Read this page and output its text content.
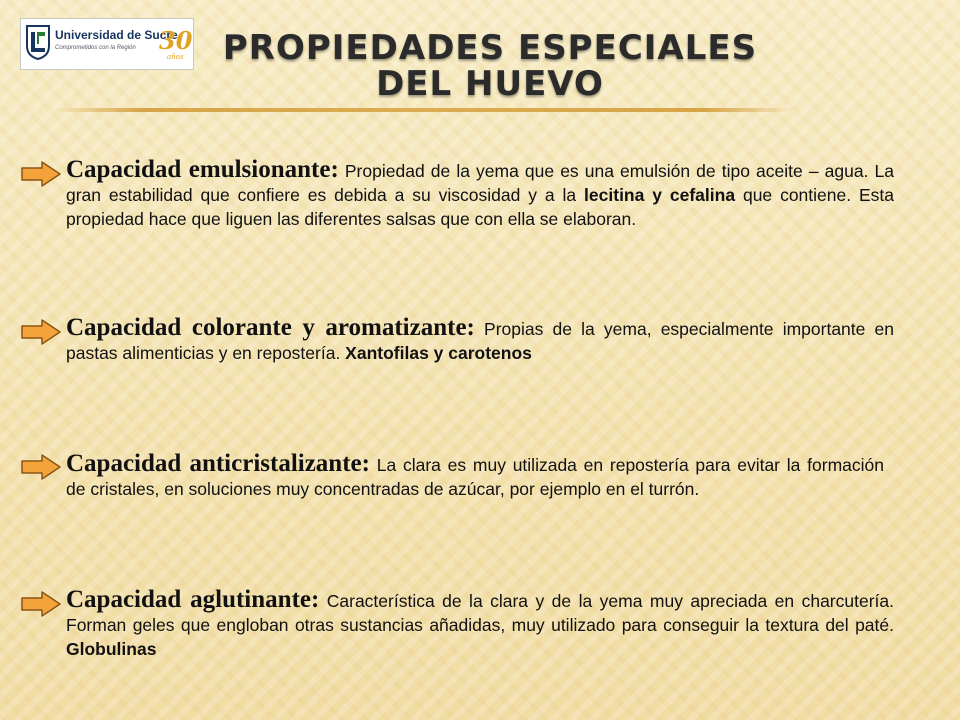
Universidad de Sucre
Comprometidos con la Región 30
años	PROPIEDADES ESPECIALES
DEL HUEVO
Capacidad emulsionante: Propiedad de la yema que es una emulsión de tipo aceite – agua. La gran estabilidad que confiere es debida a su viscosidad y a la lecitina y cefalina que contiene. Esta propiedad hace que liguen las diferentes salsas que con ella se elaboran.
Capacidad colorante y aromatizante: Propias de la yema, especialmente importante en pastas alimenticias y en repostería. Xantofilas y carotenos
Capacidad anticristalizante: La clara es muy utilizada en repostería para evitar la formación de cristales, en soluciones muy concentradas de azúcar, por ejemplo en el turrón.
Capacidad aglutinante: Característica de la clara y de la yema muy apreciada en charcutería. Forman geles que engloban otras sustancias añadidas, muy utilizado para conseguir la textura del paté. Globulinas
